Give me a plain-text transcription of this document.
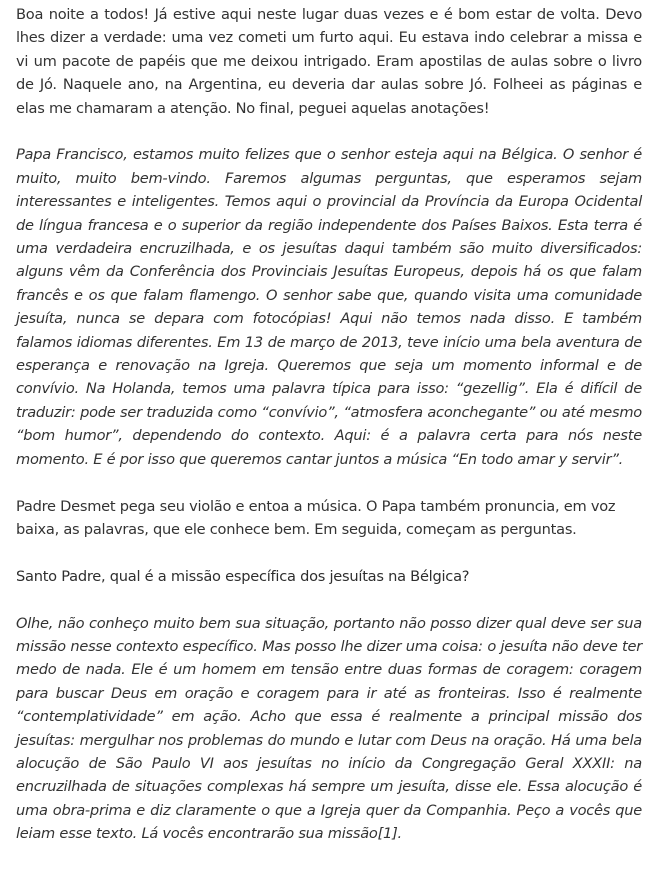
Boa noite a todos! Já estive aqui neste lugar duas vezes e é bom estar de volta. Devo lhes dizer a verdade: uma vez cometi um furto aqui. Eu estava indo celebrar a missa e vi um pacote de papéis que me deixou intrigado. Eram apostilas de aulas sobre o livro de Jó. Naquele ano, na Argentina, eu deveria dar aulas sobre Jó. Folheei as páginas e elas me chamaram a atenção. No final, peguei aquelas anotações!

Papa Francisco, estamos muito felizes que o senhor esteja aqui na Bélgica. O senhor é muito, muito bem-vindo. Faremos algumas perguntas, que esperamos sejam interessantes e inteligentes. Temos aqui o provincial da Província da Europa Ocidental de língua francesa e o superior da região independente dos Países Baixos. Esta terra é uma verdadeira encruzilhada, e os jesuítas daqui também são muito diversificados: alguns vêm da Conferência dos Provinciais Jesuítas Europeus, depois há os que falam francês e os que falam flamengo. O senhor sabe que, quando visita uma comunidade jesuíta, nunca se depara com fotocópias! Aqui não temos nada disso. E também falamos idiomas diferentes. Em 13 de março de 2013, teve início uma bela aventura de esperança e renovação na Igreja. Queremos que seja um momento informal e de convívio. Na Holanda, temos uma palavra típica para isso: “gezellig”. Ela é difícil de traduzir: pode ser traduzida como “convívio”, “atmosfera aconchegante” ou até mesmo “bom humor”, dependendo do contexto. Aqui: é a palavra certa para nós neste momento. E é por isso que queremos cantar juntos a música “En todo amar y servir”.

Padre Desmet pega seu violão e entoa a música. O Papa também pronuncia, em voz baixa, as palavras, que ele conhece bem. Em seguida, começam as perguntas.

Santo Padre, qual é a missão específica dos jesuítas na Bélgica?

Olhe, não conheço muito bem sua situação, portanto não posso dizer qual deve ser sua missão nesse contexto específico. Mas posso lhe dizer uma coisa: o jesuíta não deve ter medo de nada. Ele é um homem em tensão entre duas formas de coragem: coragem para buscar Deus em oração e coragem para ir até as fronteiras. Isso é realmente “contemplatividade” em ação. Acho que essa é realmente a principal missão dos jesuítas: mergulhar nos problemas do mundo e lutar com Deus na oração. Há uma bela alocução de São Paulo VI aos jesuítas no início da Congregação Geral XXXII: na encruzilhada de situações complexas há sempre um jesuíta, disse ele. Essa alocução é uma obra-prima e diz claramente o que a Igreja quer da Companhia. Peço a vocês que leiam esse texto. Lá vocês encontrarão sua missão[1].
